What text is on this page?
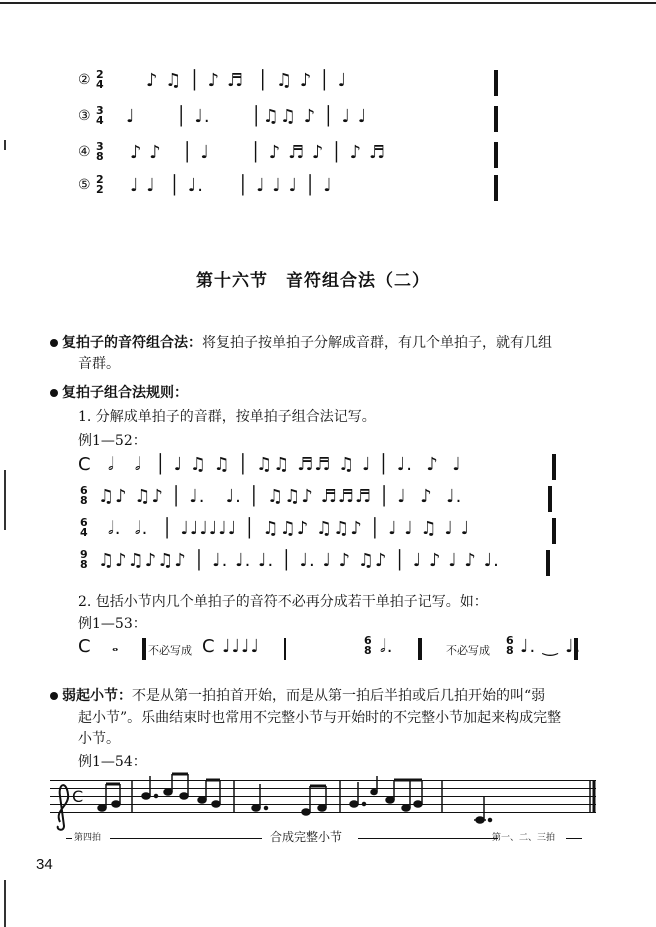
② 2
4 ♪ ♫ │ ♪ ♬  │ ♫ ♪ │ ♩
③ 3
4 ♩      │ ♩.      │♫♫ ♪ │ ♩ ♩
④ 3
8 ♪ ♪   │ ♩      │ ♪ ♬ ♪ │ ♪ ♬
⑤ 2
2 ♩ ♩  │ ♩.     │ ♩ ♩ ♩ │ ♩
第十六节　音符组合法（二）
复拍子的音符组合法：将复拍子按单拍子分解成音群，有几个单拍子，就有几组
音群。
复拍子组合法规则：
1. 分解成单拍子的音群，按单拍子组合法记写。
例1—52：
C 𝅗𝅥   𝅗𝅥  │ ♩ ♫ ♫ │ ♫♫ ♬♬ ♫ ♩ │ ♩.  ♪  ♩
6
8 ♫♪ ♫♪ │ ♩.   ♩. │ ♫♫♪ ♬♬♬ │ ♩  ♪  ♩.
6
4 𝅗𝅥.  𝅗𝅥.  │ ♩♩♩♩♩♩ │ ♫♫♪ ♫♫♪ │ ♩ ♩ ♫ ♩ ♩
9
8 ♫♪♫♪♫♪ │ ♩. ♩. ♩. │ ♩. ♩ ♪ ♫♪ │ ♩ ♪ ♩ ♪ ♩.
2. 包括小节内几个单拍子的音符不必再分成若干单拍子记写。如：
例1—53：
C 𝅝	不必写成 C ♩♩♩♩	6
8 𝅗𝅥.	不必写成
6
8 ♩. ‿ ♩.
弱起小节：不是从第一拍拍首开始，而是从第一拍后半拍或后几拍开始的叫“弱
起小节”。乐曲结束时也常用不完整小节与开始时的不完整小节加起来构成完整
小节。
例1—54：
C
第四拍	合成完整小节	第一、二、三拍
34
